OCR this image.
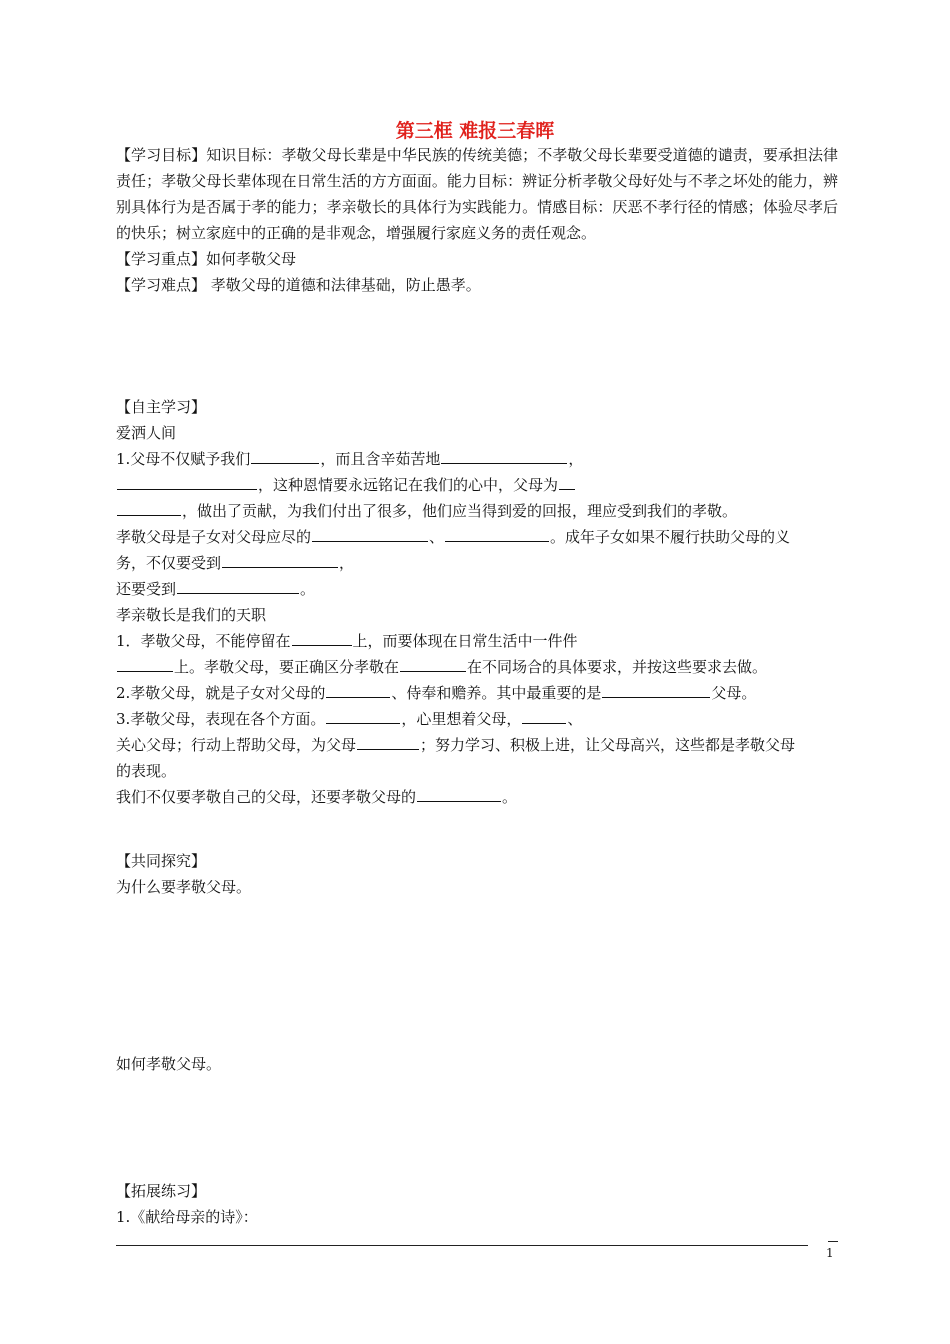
第三框 难报三春晖
【学习目标】知识目标：孝敬父母长辈是中华民族的传统美德；不孝敬父母长辈要受道德的谴责，要承担法律责任；孝敬父母长辈体现在日常生活的方方面面。能力目标：辨证分析孝敬父母好处与不孝之坏处的能力，辨别具体行为是否属于孝的能力；孝亲敬长的具体行为实践能力。情感目标：厌恶不孝行径的情感；体验尽孝后的快乐；树立家庭中的正确的是非观念，增强履行家庭义务的责任观念。
【学习重点】如何孝敬父母
【学习难点】 孝敬父母的道德和法律基础，防止愚孝。
【自主学习】
爱洒人间
1.父母不仅赋予我们	，而且含辛茹苦地	，
，这种恩情要永远铭记在我们的心中，父母为
，做出了贡献，为我们付出了很多，他们应当得到爱的回报，理应受到我们的孝敬。
孝敬父母是子女对父母应尽的	、	。成年子女如果不履行扶助父母的义
务，不仅要受到	，
还要受到	。
孝亲敬长是我们的天职
1．孝敬父母，不能停留在	上，而要体现在日常生活中一件件
上。孝敬父母，要正确区分孝敬在	在不同场合的具体要求，并按这些要求去做。
2.孝敬父母，就是子女对父母的	、侍奉和赡养。其中最重要的是	父母。
3.孝敬父母，表现在各个方面。	，心里想着父母，	、
关心父母；行动上帮助父母，为父母	；努力学习、积极上进，让父母高兴，这些都是孝敬父母
的表现。
我们不仅要孝敬自己的父母，还要孝敬父母的	。
【共同探究】
为什么要孝敬父母。
如何孝敬父母。
【拓展练习】
1.《献给母亲的诗》：
1
